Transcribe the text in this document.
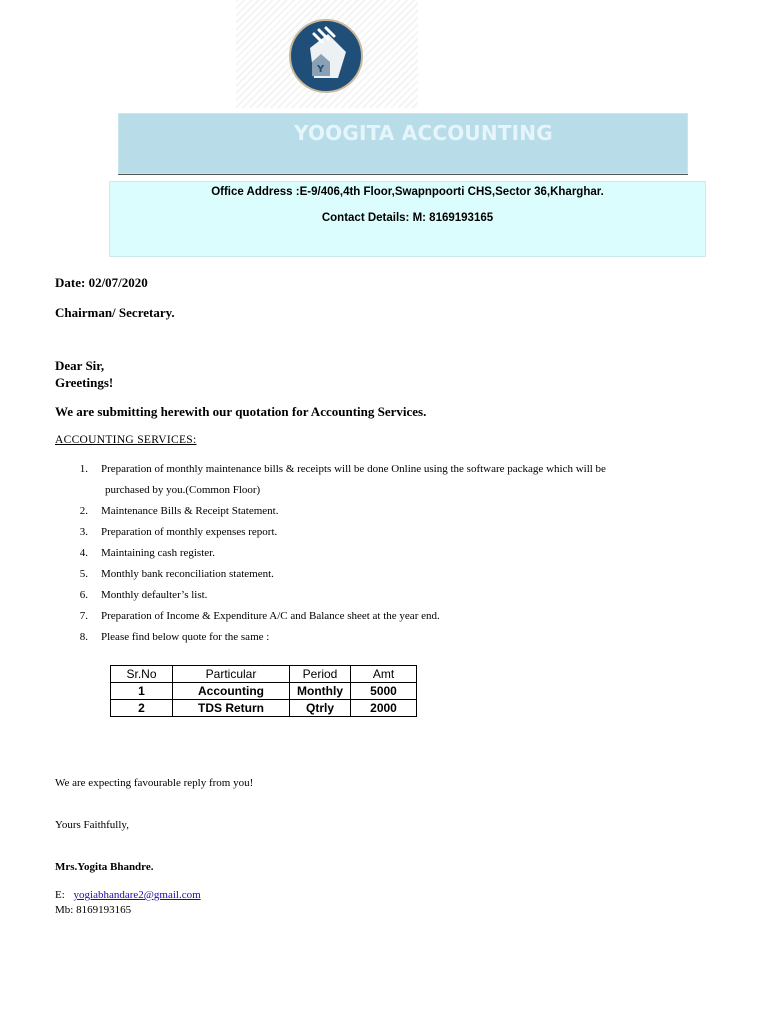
Y
YOOGITA ACCOUNTING
Office Address :E-9/406,4th Floor,Swapnpoorti CHS,Sector 36,Kharghar.
Contact Details: M: 8169193165
Date: 02/07/2020
Chairman/ Secretary.
Dear Sir,
Greetings!
We are submitting herewith our quotation for Accounting Services.
ACCOUNTING SERVICES:
1. Preparation of monthly maintenance bills & receipts will be done Online using the software package which will be
purchased by you.(Common Floor)
2. Maintenance Bills & Receipt Statement.
3. Preparation of monthly expenses report.
4. Maintaining cash register.
5. Monthly bank reconciliation statement.
6. Monthly defaulter’s list.
7. Preparation of Income & Expenditure A/C and Balance sheet at the year end.
8. Please find below quote for the same :
Sr.No	Particular	Period	Amt
1	Accounting	Monthly	5000
2	TDS Return	Qtrly	2000
We are expecting favourable reply from you!
Yours Faithfully,
Mrs.Yogita Bhandre.
E: yogiabhandare2@gmail.com
Mb: 8169193165
